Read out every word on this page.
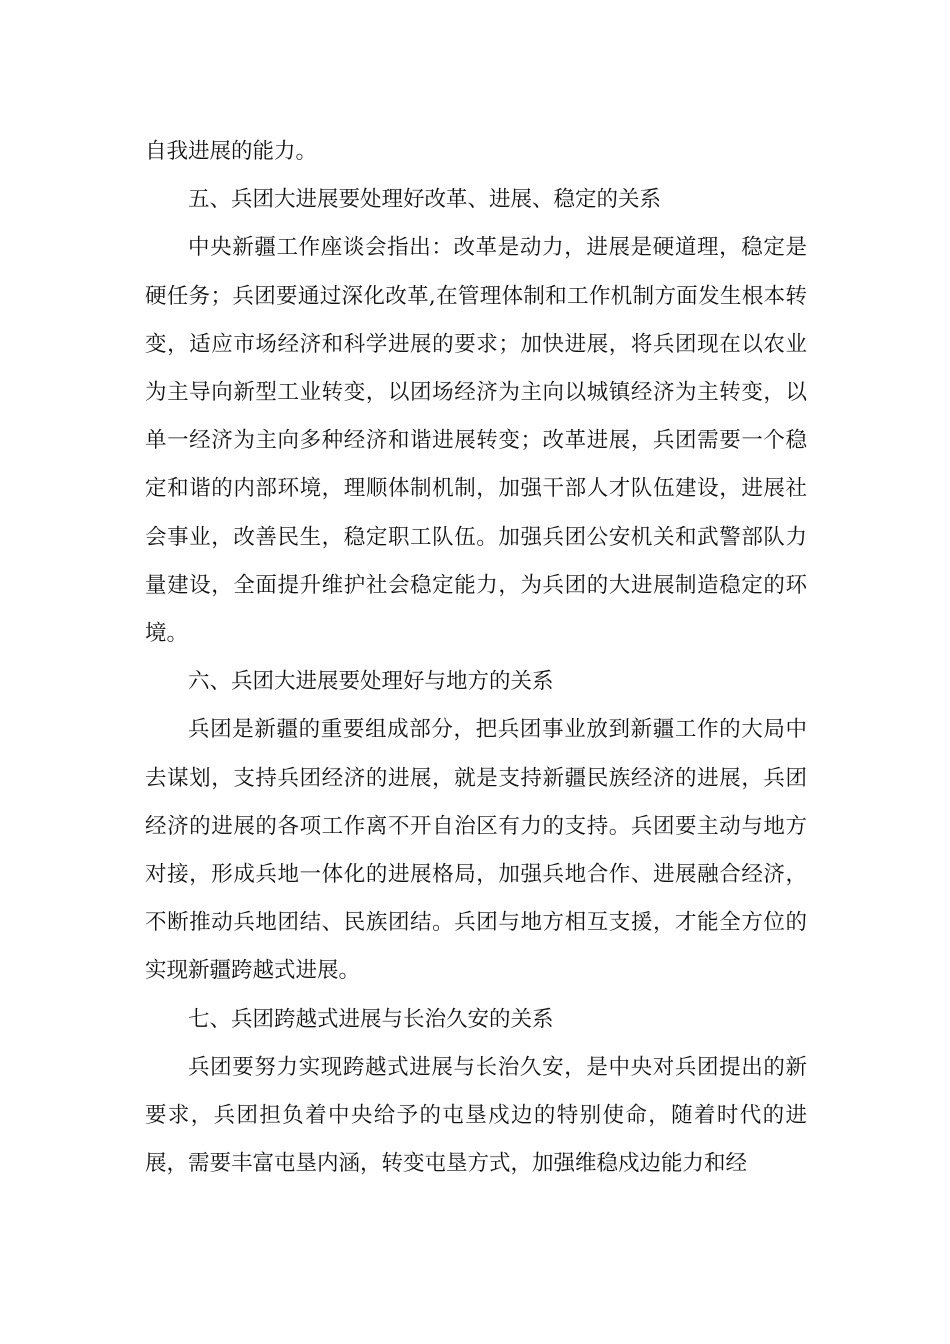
自我进展的能力。

五、兵团大进展要处理好改革、进展、稳定的关系

中央新疆工作座谈会指出：改革是动力，进展是硬道理，稳定是硬任务；兵团要通过深化改革,在管理体制和工作机制方面发生根本转变，适应市场经济和科学进展的要求；加快进展，将兵团现在以农业为主导向新型工业转变，以团场经济为主向以城镇经济为主转变，以单一经济为主向多种经济和谐进展转变；改革进展，兵团需要一个稳定和谐的内部环境，理顺体制机制，加强干部人才队伍建设，进展社会事业，改善民生，稳定职工队伍。加强兵团公安机关和武警部队力量建设，全面提升维护社会稳定能力，为兵团的大进展制造稳定的环境。

六、兵团大进展要处理好与地方的关系

兵团是新疆的重要组成部分，把兵团事业放到新疆工作的大局中去谋划，支持兵团经济的进展，就是支持新疆民族经济的进展，兵团经济的进展的各项工作离不开自治区有力的支持。兵团要主动与地方对接，形成兵地一体化的进展格局，加强兵地合作、进展融合经济，不断推动兵地团结、民族团结。兵团与地方相互支援，才能全方位的实现新疆跨越式进展。

七、兵团跨越式进展与长治久安的关系

兵团要努力实现跨越式进展与长治久安，是中央对兵团提出的新要求，兵团担负着中央给予的屯垦戍边的特别使命，随着时代的进展，需要丰富屯垦内涵，转变屯垦方式，加强维稳戍边能力和经
